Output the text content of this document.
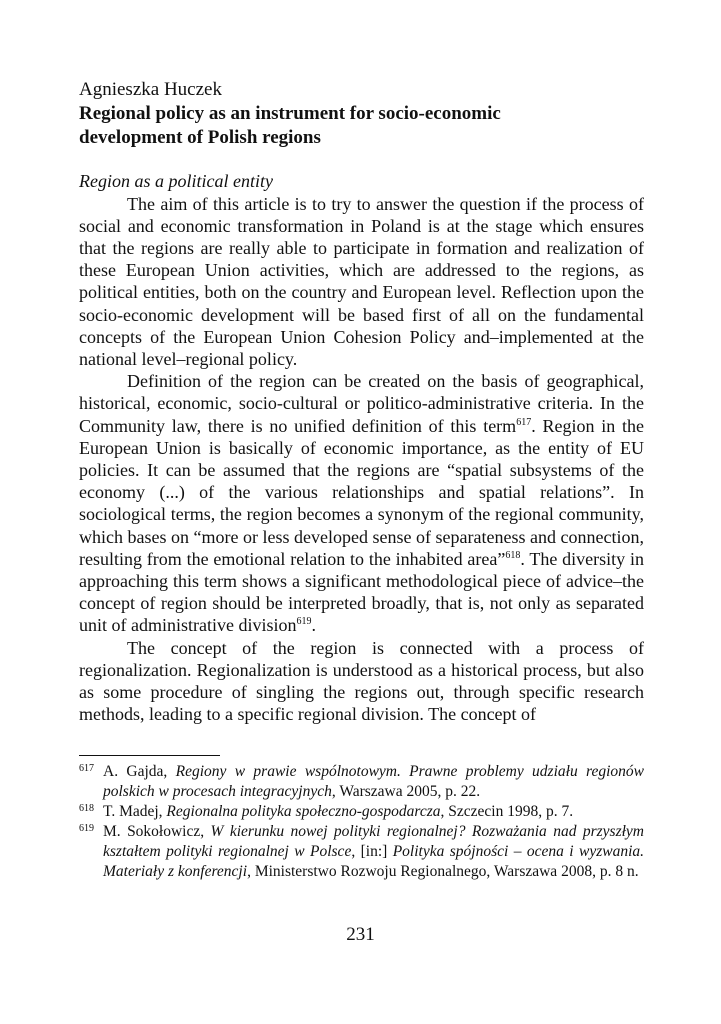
Agnieszka Huczek

Regional policy as an instrument for socio-economic
development of Polish regions

Region as a political entity

The aim of this article is to try to answer the question if the process of social and economic transformation in Poland is at the stage which ensures that the regions are really able to participate in formation and realization of these European Union activities, which are addressed to the regions, as political entities, both on the country and European level. Reflection upon the socio-economic development will be based first of all on the fundamental concepts of the European Union Cohesion Policy and–implemented at the national level–regional policy.

Definition of the region can be created on the basis of geographical, historical, economic, socio-cultural or politico-administrative criteria. In the Community law, there is no unified definition of this term$^{617}$. Region in the European Union is basically of economic importance, as the entity of EU policies. It can be assumed that the regions are “spatial subsystems of the economy (...) of the various relationships and spatial relations”. In sociological terms, the region becomes a synonym of the regional community, which bases on “more or less developed sense of separateness and connection, resulting from the emotional relation to the inhabited area”$^{618}$. The diversity in approaching this term shows a significant methodological piece of advice–the concept of region should be interpreted broadly, that is, not only as separated unit of administrative division$^{619}$.

The concept of the region is connected with a process of regionalization. Regionalization is understood as a historical process, but also as some procedure of singling the regions out, through specific research methods, leading to a specific regional division. The concept of

617 A. Gajda, Regiony w prawie wspólnotowym. Prawne problemy udziału regionów polskich w procesach integracyjnych, Warszawa 2005, p. 22.
618 T. Madej, Regionalna polityka społeczno-gospodarcza, Szczecin 1998, p. 7.
619 M. Sokołowicz, W kierunku nowej polityki regionalnej? Rozważania nad przyszłym kształtem polityki regionalnej w Polsce, [in:] Polityka spójności – ocena i wyzwania. Materiały z konferencji, Ministerstwo Rozwoju Regionalnego, Warszawa 2008, p. 8 n.
231
